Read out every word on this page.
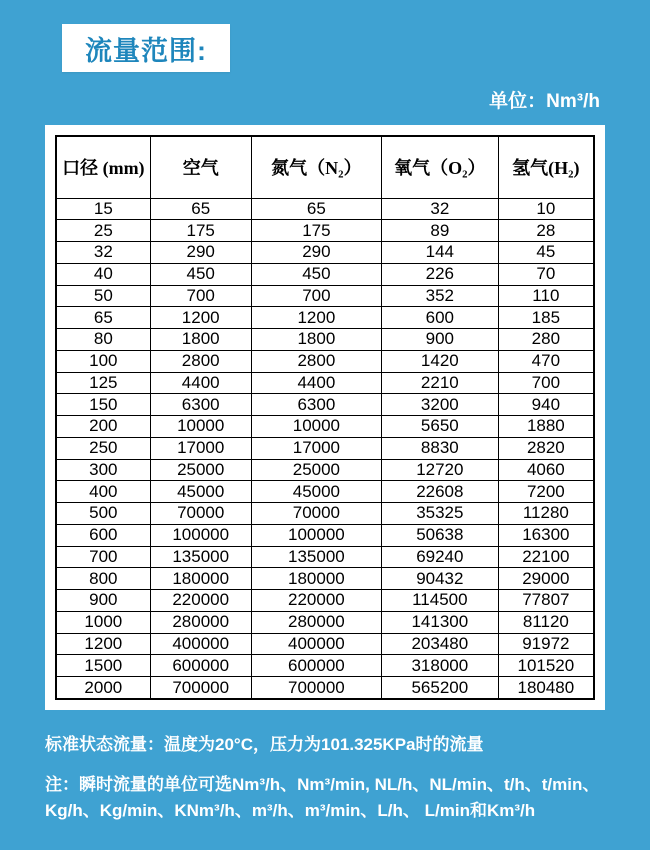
流量范围:
单位：Nm³/h
口径 (mm)	空气	氮气（N₂）	氧气（O₂）	氢气(H₂)
15	65	65	32	10
25	175	175	89	28
32	290	290	144	45
40	450	450	226	70
50	700	700	352	110
65	1200	1200	600	185
80	1800	1800	900	280
100	2800	2800	1420	470
125	4400	4400	2210	700
150	6300	6300	3200	940
200	10000	10000	5650	1880
250	17000	17000	8830	2820
300	25000	25000	12720	4060
400	45000	45000	22608	7200
500	70000	70000	35325	11280
600	100000	100000	50638	16300
700	135000	135000	69240	22100
800	180000	180000	90432	29000
900	220000	220000	114500	77807
1000	280000	280000	141300	81120
1200	400000	400000	203480	91972
1500	600000	600000	318000	101520
2000	700000	700000	565200	180480
标准状态流量：温度为20°C，压力为101.325KPa时的流量
注：瞬时流量的单位可选Nm³/h、Nm³/min, NL/h、NL/min、t/h、t/min、Kg/h、Kg/min、KNm³/h、m³/h、m³/min、L/h、 L/min和Km³/h
